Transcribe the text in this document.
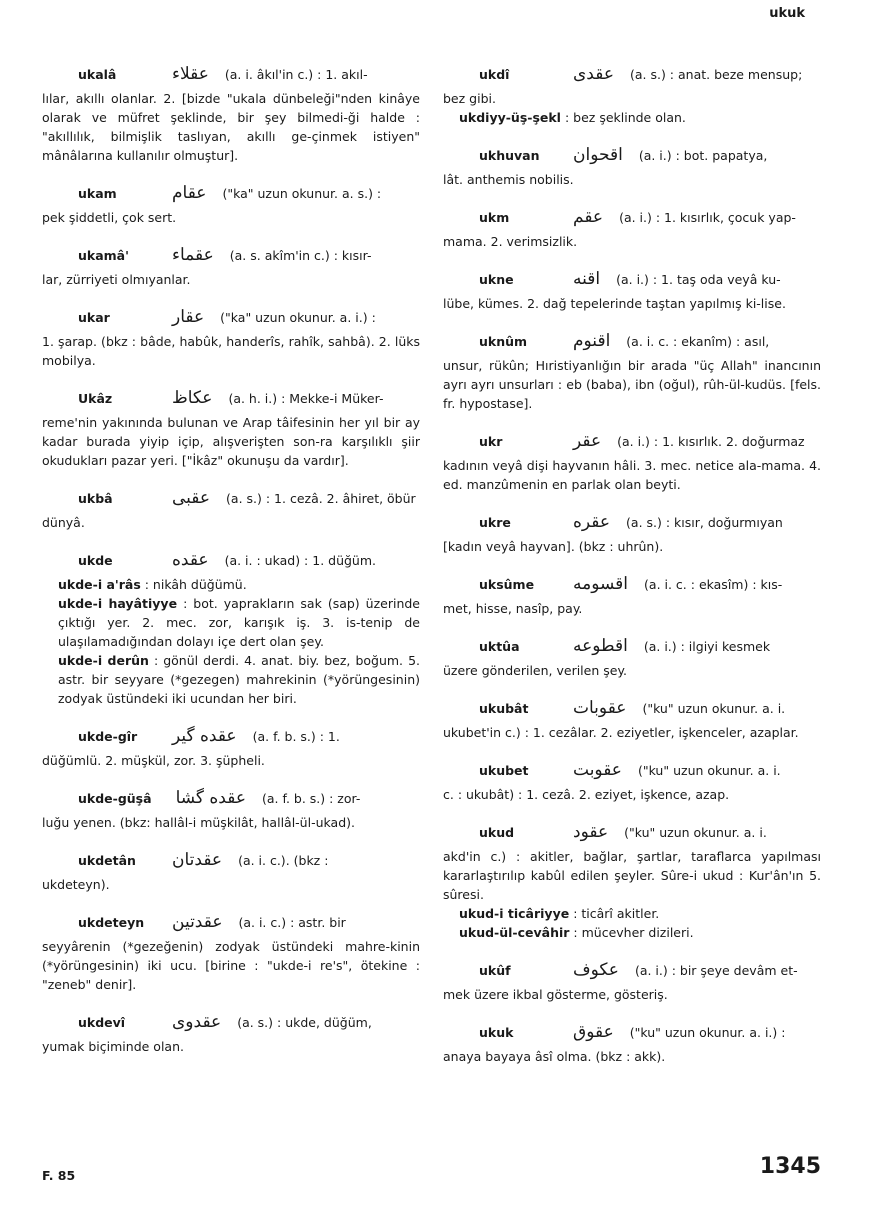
ukuk
ukalâ	عقلاء (a. i. âkıl'in c.) : 1. akıl-

lılar, akıllı olanlar. 2. [bizde "ukala dünbeleği"nden kinâye olarak ve müfret şeklinde, bir şey bilmedi-ği halde : "akıllılık, bilmişlik taslıyan, akıllı ge-çinmek istiyen" mânâlarına kullanılır olmuştur].

ukam	عقام ("ka" uzun okunur. a. s.) :

pek şiddetli, çok sert.

ukamâ'	عقماء (a. s. akîm'in c.) : kısır-

lar, zürriyeti olmıyanlar.

ukar	عقار ("ka" uzun okunur. a. i.) :

1. şarap. (bkz : bâde, habûk, handerîs, rahîk, sahbâ). 2. lüks mobilya.

Ukâz	عكاظ (a. h. i.) : Mekke-i Müker-

reme'nin yakınında bulunan ve Arap tâifesinin her yıl bir ay kadar burada yiyip içip, alışverişten son-ra karşılıklı şiir okudukları pazar yeri. ["İkâz" okunuşu da vardır].

ukbâ	عقبى (a. s.) : 1. cezâ. 2. âhiret, öbür

dünyâ.

ukde	عقده (a. i. : ukad) : 1. düğüm.

ukde-i a'râs : nikâh düğümü.

ukde-i hayâtiyye : bot. yaprakların sak (sap) üzerinde çıktığı yer. 2. mec. zor, karışık iş. 3. is-tenip de ulaşılamadığından dolayı içe dert olan şey.

ukde-i derûn : gönül derdi. 4. anat. biy. bez, boğum. 5. astr. bir seyyare (*gezegen) mahrekinin (*yörüngesinin) zodyak üstündeki iki ucundan her biri.

ukde-gîr	عقده گير (a. f. b. s.) : 1.

düğümlü. 2. müşkül, zor. 3. şüpheli.

ukde-güşâ عقده گشا (a. f. b. s.) : zor-

luğu yenen. (bkz: hallâl-i müşkilât, hallâl-ül-ukad).

ukdetân	عقدتان (a. i. c.). (bkz :

ukdeteyn).

ukdeteyn عقدتين (a. i. c.) : astr. bir

seyyârenin (*gezeğenin) zodyak üstündeki mahre-kinin (*yörüngesinin) iki ucu. [birine : "ukde-i re's", ötekine : "zeneb" denir].

ukdevî	عقدوى (a. s.) : ukde, düğüm,

yumak biçiminde olan.

ukdî	عقدى (a. s.) : anat. beze mensup;

bez gibi.

ukdiyy-üş-şekl : bez şeklinde olan.

ukhuvan	اقحوان (a. i.) : bot. papatya,

lât. anthemis nobilis.

ukm	عقم (a. i.) : 1. kısırlık, çocuk yap-

mama. 2. verimsizlik.

ukne	اقنه (a. i.) : 1. taş oda veyâ ku-

lübe, kümes. 2. dağ tepelerinde taştan yapılmış ki-lise.

uknûm	اقنوم (a. i. c. : ekanîm) : asıl,

unsur, rükûn; Hıristiyanlığın bir arada "üç Allah" inancının ayrı ayrı unsurları : eb (baba), ibn (oğul), rûh-ül-kudüs. [fels. fr. hypostase].

ukr	عقر (a. i.) : 1. kısırlık. 2. doğurmaz

kadının veyâ dişi hayvanın hâli. 3. mec. netice ala-mama. 4. ed. manzûmenin en parlak olan beyti.

ukre	عقره (a. s.) : kısır, doğurmıyan

[kadın veyâ hayvan]. (bkz : uhrûn).

uksûme	اقسومه (a. i. c. : ekasîm) : kıs-

met, hisse, nasîp, pay.

uktûa	اقطوعه (a. i.) : ilgiyi kesmek

üzere gönderilen, verilen şey.

ukubât	عقوبات ("ku" uzun okunur. a. i.

ukubet'in c.) : 1. cezâlar. 2. eziyetler, işkenceler, azaplar.

ukubet	عقوبت ("ku" uzun okunur. a. i.

c. : ukubât) : 1. cezâ. 2. eziyet, işkence, azap.

ukud	عقود ("ku" uzun okunur. a. i.

akd'in c.) : akitler, bağlar, şartlar, taraflarca yapılması kararlaştırılıp kabûl edilen şeyler. Sûre-i ukud : Kur'ân'ın 5. sûresi.

ukud-i ticâriyye : ticârî akitler.

ukud-ül-cevâhir : mücevher dizileri.

ukûf	عكوف (a. i.) : bir şeye devâm et-

mek üzere ikbal gösterme, gösteriş.

ukuk	عقوق ("ku" uzun okunur. a. i.) :

anaya bayaya âsî olma. (bkz : akk).

F. 85	1345
